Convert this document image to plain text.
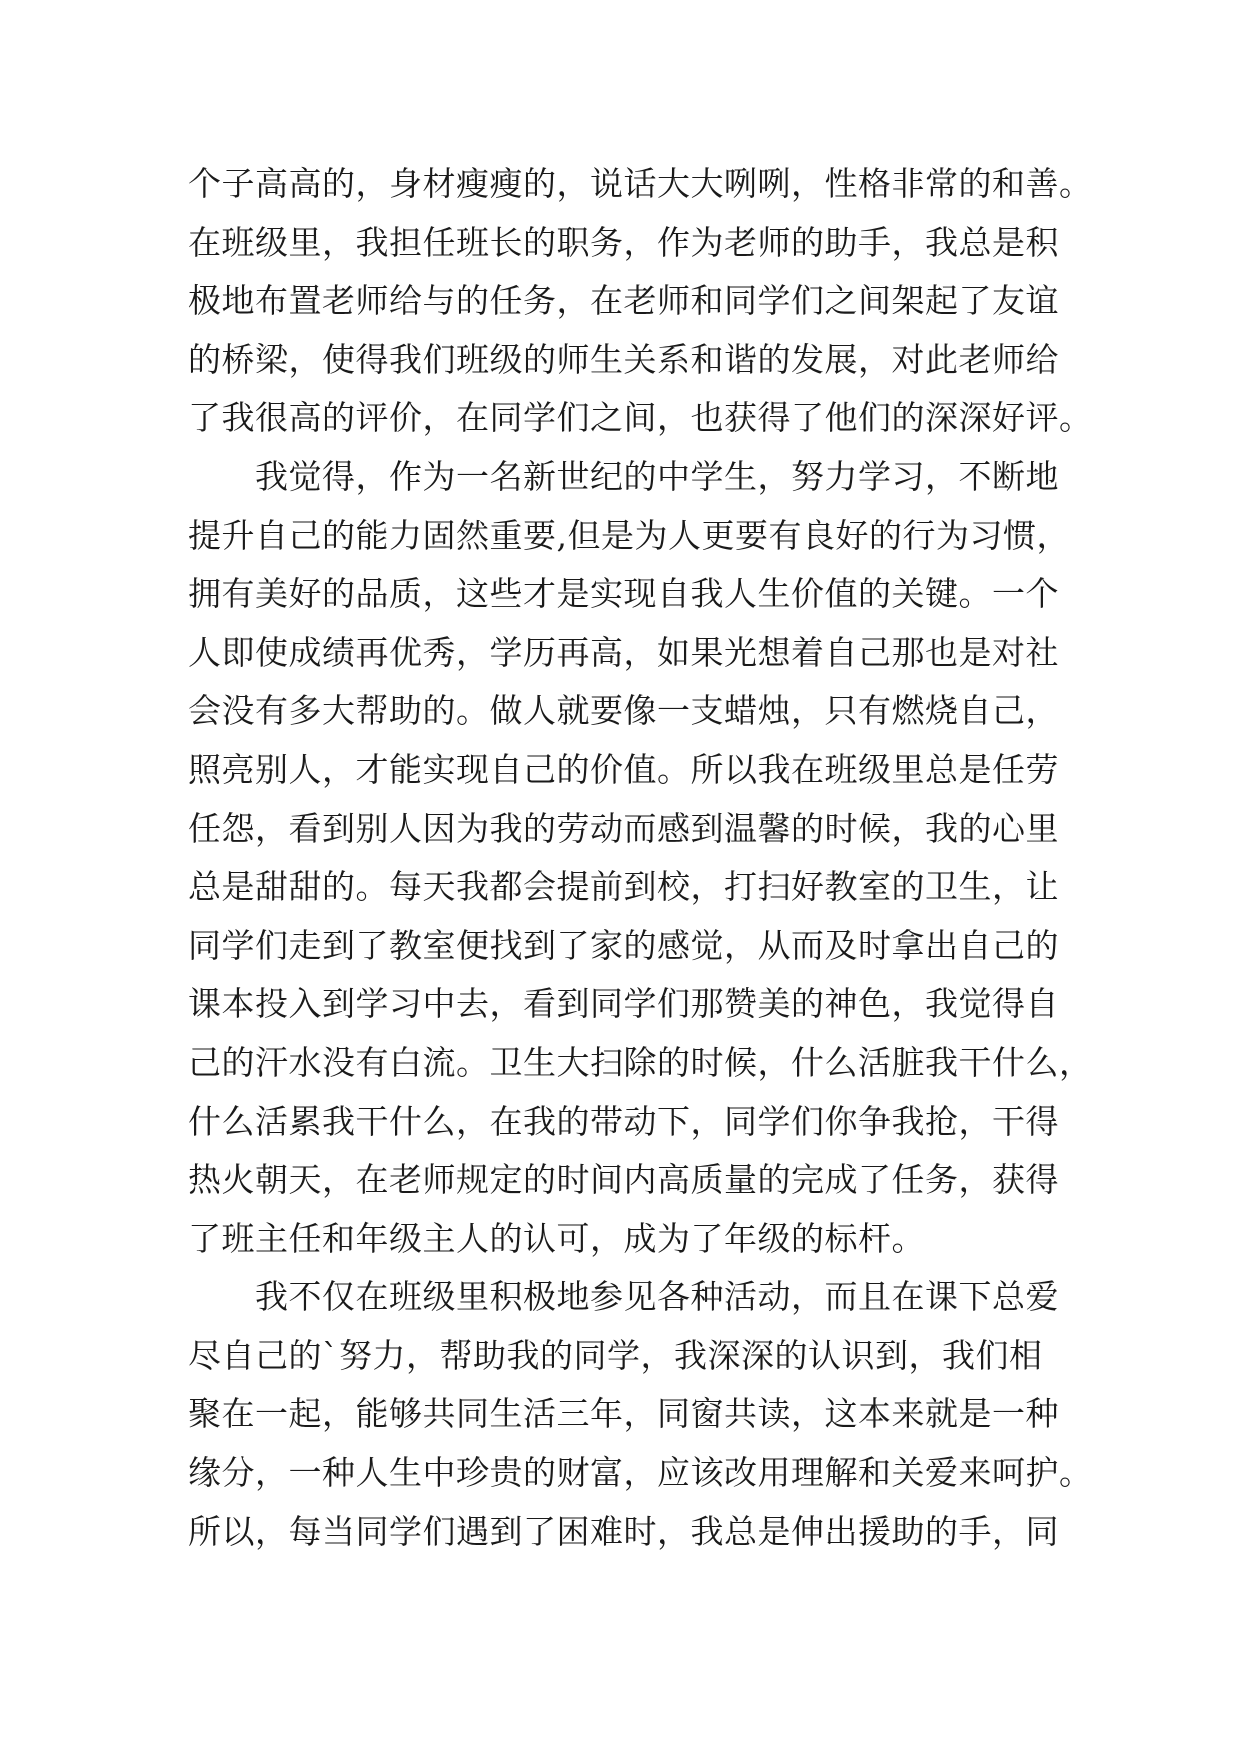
个子高高的，身材瘦瘦的，说话大大咧咧，性格非常的和善。
在班级里，我担任班长的职务，作为老师的助手，我总是积
极地布置老师给与的任务，在老师和同学们之间架起了友谊
的桥梁，使得我们班级的师生关系和谐的发展，对此老师给
了我很高的评价，在同学们之间，也获得了他们的深深好评。
　　我觉得，作为一名新世纪的中学生，努力学习，不断地
提升自己的能力固然重要,但是为人更要有良好的行为习惯，
拥有美好的品质，这些才是实现自我人生价值的关键。一个
人即使成绩再优秀，学历再高，如果光想着自己那也是对社
会没有多大帮助的。做人就要像一支蜡烛，只有燃烧自己，
照亮别人，才能实现自己的价值。所以我在班级里总是任劳
任怨，看到别人因为我的劳动而感到温馨的时候，我的心里
总是甜甜的。每天我都会提前到校，打扫好教室的卫生，让
同学们走到了教室便找到了家的感觉，从而及时拿出自己的
课本投入到学习中去，看到同学们那赞美的神色，我觉得自
己的汗水没有白流。卫生大扫除的时候，什么活脏我干什么，
什么活累我干什么，在我的带动下，同学们你争我抢，干得
热火朝天，在老师规定的时间内高质量的完成了任务，获得
了班主任和年级主人的认可，成为了年级的标杆。
　　我不仅在班级里积极地参见各种活动，而且在课下总爱
尽自己的`努力，帮助我的同学，我深深的认识到，我们相
聚在一起，能够共同生活三年，同窗共读，这本来就是一种
缘分，一种人生中珍贵的财富，应该改用理解和关爱来呵护。
所以，每当同学们遇到了困难时，我总是伸出援助的手，同
